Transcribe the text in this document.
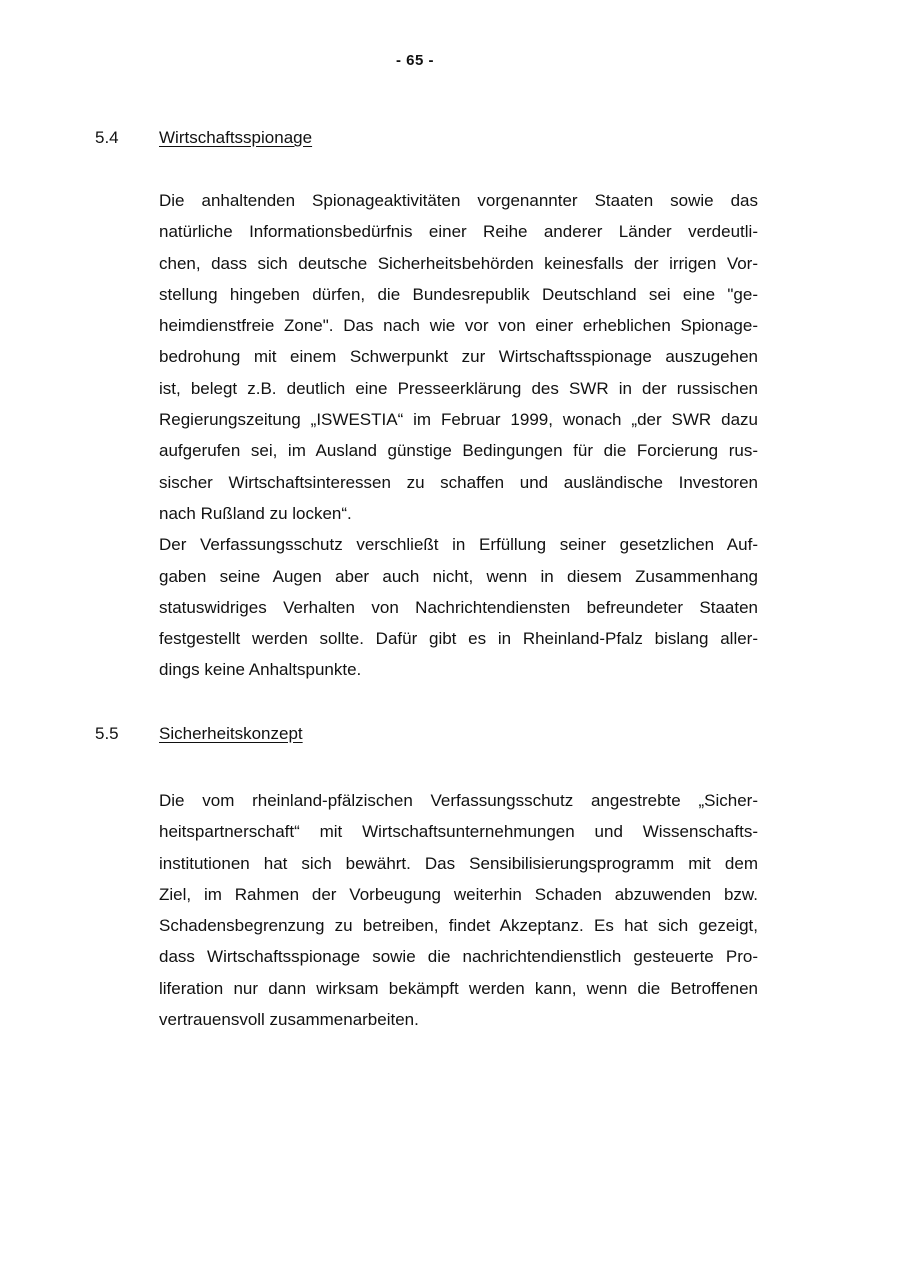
- 65 -
5.4 Wirtschaftsspionage
Die anhaltenden Spionageaktivitäten vorgenannter Staaten sowie das
natürliche Informationsbedürfnis einer Reihe anderer Länder verdeutli-
chen, dass sich deutsche Sicherheitsbehörden keinesfalls der irrigen Vor-
stellung hingeben dürfen, die Bundesrepublik Deutschland sei eine "ge-
heimdienstfreie Zone". Das nach wie vor von einer erheblichen Spionage-
bedrohung mit einem Schwerpunkt zur Wirtschaftsspionage auszugehen
ist, belegt z.B. deutlich eine Presseerklärung des SWR in der russischen
Regierungszeitung „ISWESTIA“ im Februar 1999, wonach „der SWR dazu
aufgerufen sei, im Ausland günstige Bedingungen für die Forcierung rus-
sischer Wirtschaftsinteressen zu schaffen und ausländische Investoren
nach Rußland zu locken“.
Der Verfassungsschutz verschließt in Erfüllung seiner gesetzlichen Auf-
gaben seine Augen aber auch nicht, wenn in diesem Zusammenhang
statuswidriges Verhalten von Nachrichtendiensten befreundeter Staaten
festgestellt werden sollte. Dafür gibt es in Rheinland-Pfalz bislang aller-
dings keine Anhaltspunkte.
5.5 Sicherheitskonzept
Die vom rheinland-pfälzischen Verfassungsschutz angestrebte „Sicher-
heitspartnerschaft“ mit Wirtschaftsunternehmungen und Wissenschafts-
institutionen hat sich bewährt. Das Sensibilisierungsprogramm mit dem
Ziel, im Rahmen der Vorbeugung weiterhin Schaden abzuwenden bzw.
Schadensbegrenzung zu betreiben, findet Akzeptanz. Es hat sich gezeigt,
dass Wirtschaftsspionage sowie die nachrichtendienstlich gesteuerte Pro-
liferation nur dann wirksam bekämpft werden kann, wenn die Betroffenen
vertrauensvoll zusammenarbeiten.
